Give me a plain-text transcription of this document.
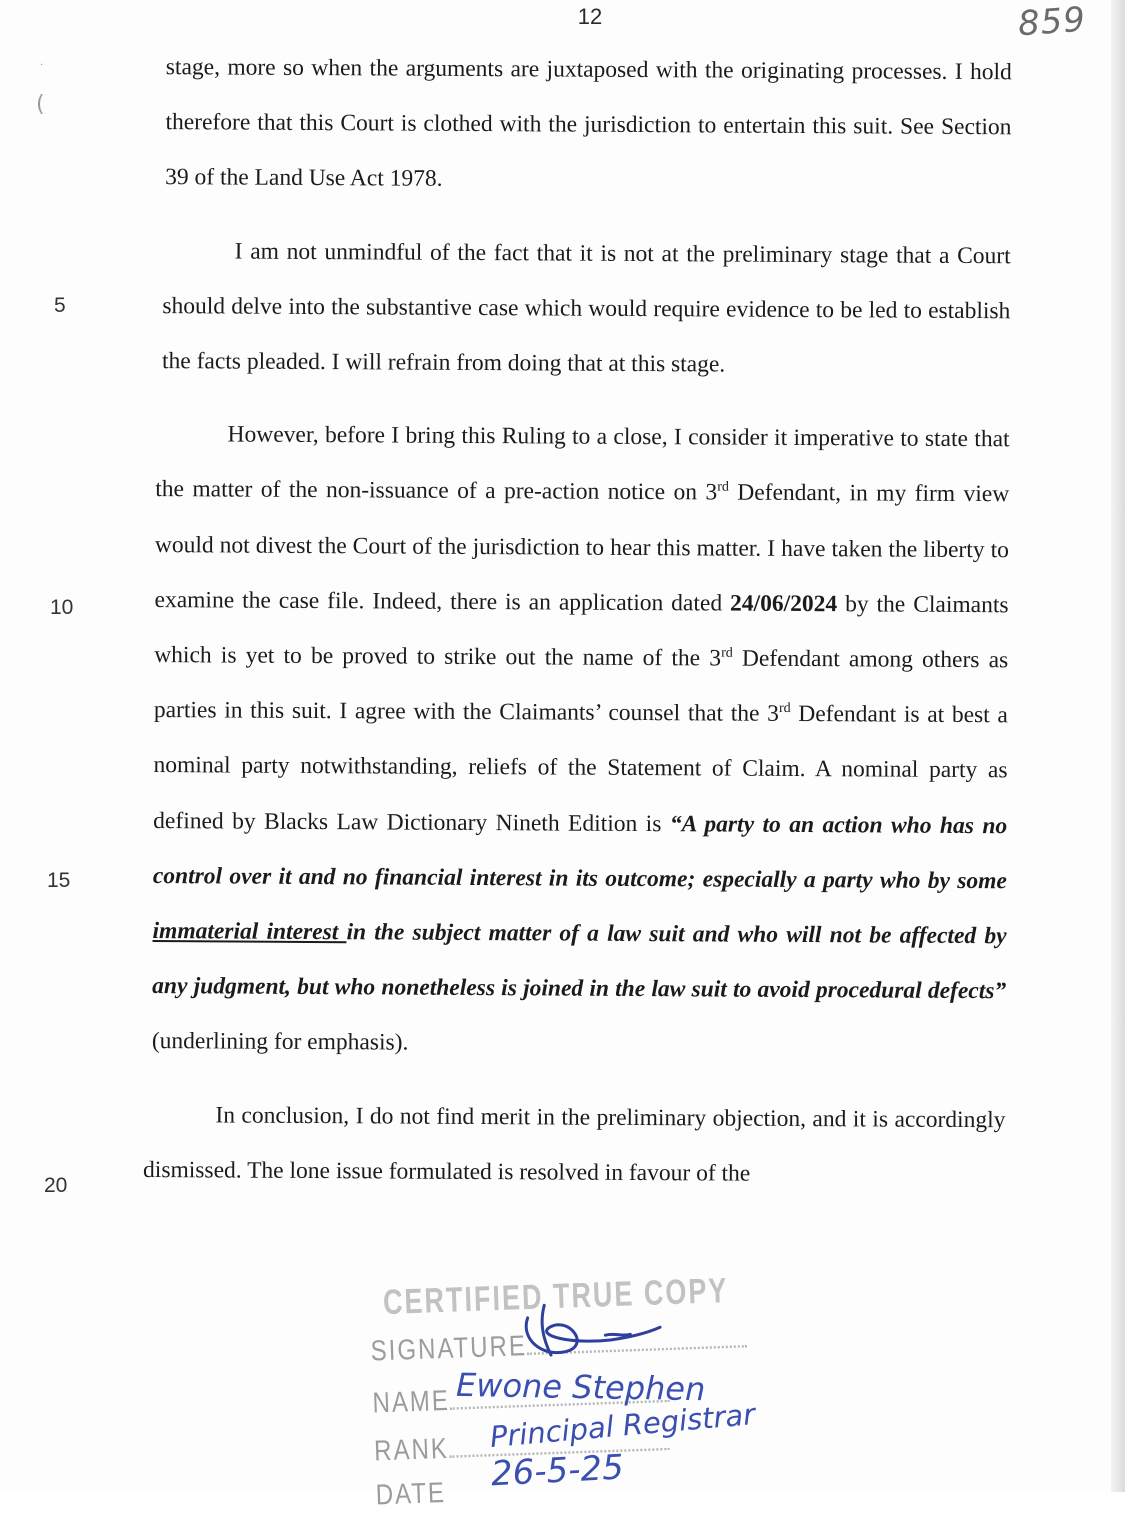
12	859
·
(
5
10
15
20

stage, more so when the arguments are juxtaposed with the originating processes. I hold therefore that this Court is clothed with the jurisdiction to entertain this suit. See Section 39 of the Land Use Act 1978.

I am not unmindful of the fact that it is not at the preliminary stage that a Court should delve into the substantive case which would require evidence to be led to establish the facts pleaded. I will refrain from doing that at this stage.

However, before I bring this Ruling to a close, I consider it imperative to state that the matter of the non-issuance of a pre-action notice on 3rd Defendant, in my firm view would not divest the Court of the jurisdiction to hear this matter. I have taken the liberty to examine the case file. Indeed, there is an application dated 24/06/2024 by the Claimants which is yet to be proved to strike out the name of the 3rd Defendant among others as parties in this suit. I agree with the Claimants’ counsel that the 3rd Defendant is at best a nominal party notwithstanding, reliefs of the Statement of Claim. A nominal party as defined by Blacks Law Dictionary Nineth Edition is “A party to an action who has no control over it and no financial interest in its outcome; especially a party who by some immaterial interest in the subject matter of a law suit and who will not be affected by any judgment, but who nonetheless is joined in the law suit to avoid procedural defects” (underlining for emphasis).

In conclusion, I do not find merit in the preliminary objection, and it is accordingly dismissed. The lone issue formulated is resolved in favour of the

CERTIFIED TRUE COPY
SIGNATURE
NAME
RANK
DATE
Ewone Stephen
Principal Registrar
26-5-25
